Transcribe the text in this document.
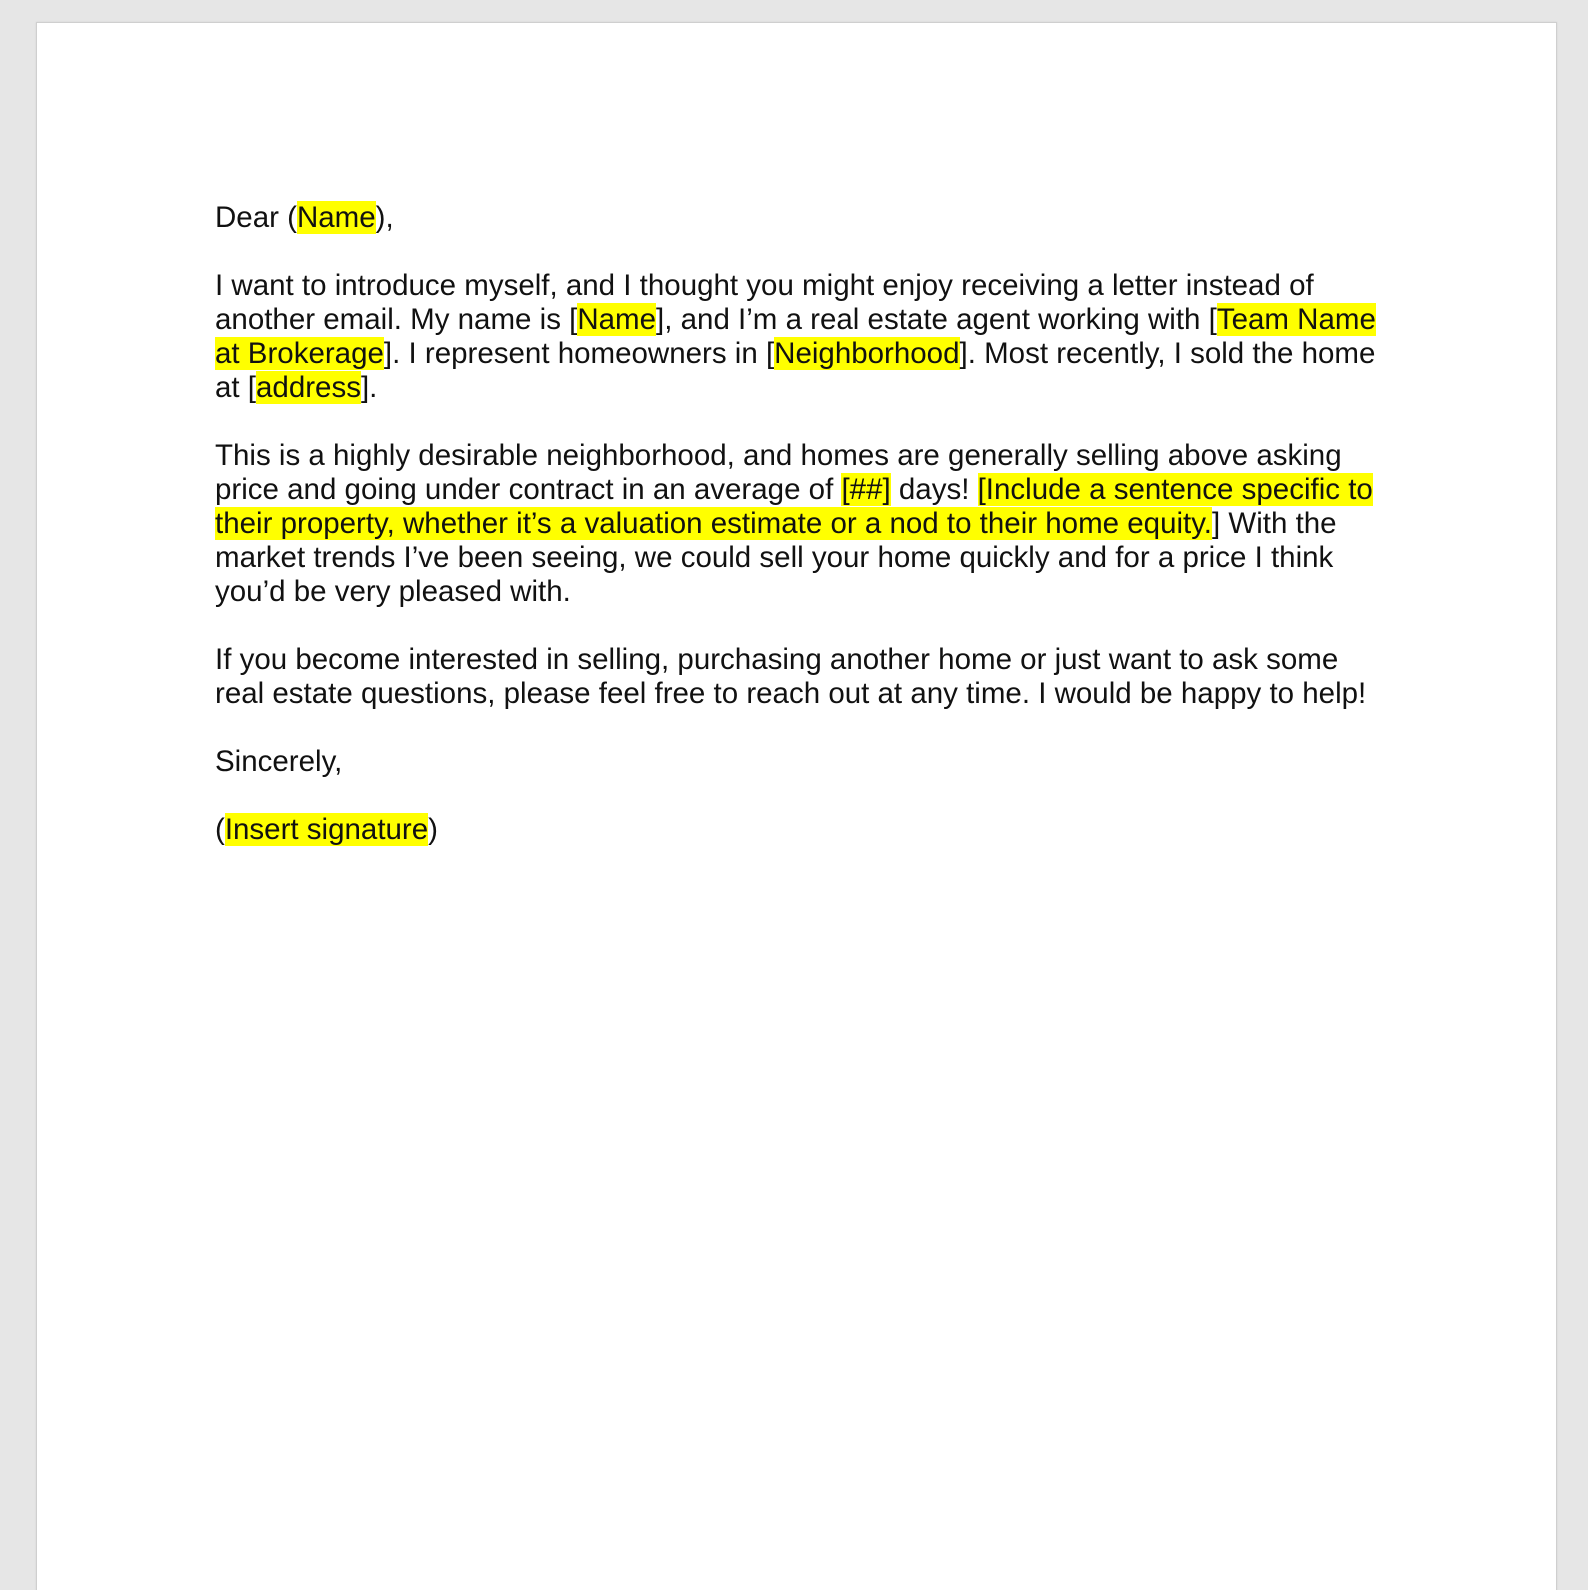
Dear (Name),

I want to introduce myself, and I thought you might enjoy receiving a letter instead of another email. My name is [Name], and I’m a real estate agent working with [Team Name at Brokerage]. I represent homeowners in [Neighborhood]. Most recently, I sold the home at [address].

This is a highly desirable neighborhood, and homes are generally selling above asking price and going under contract in an average of [##] days! [Include a sentence specific to their property, whether it’s a valuation estimate or a nod to their home equity.] With the market trends I’ve been seeing, we could sell your home quickly and for a price I think you’d be very pleased with.

If you become interested in selling, purchasing another home or just want to ask some real estate questions, please feel free to reach out at any time. I would be happy to help!

Sincerely,

(Insert signature)
